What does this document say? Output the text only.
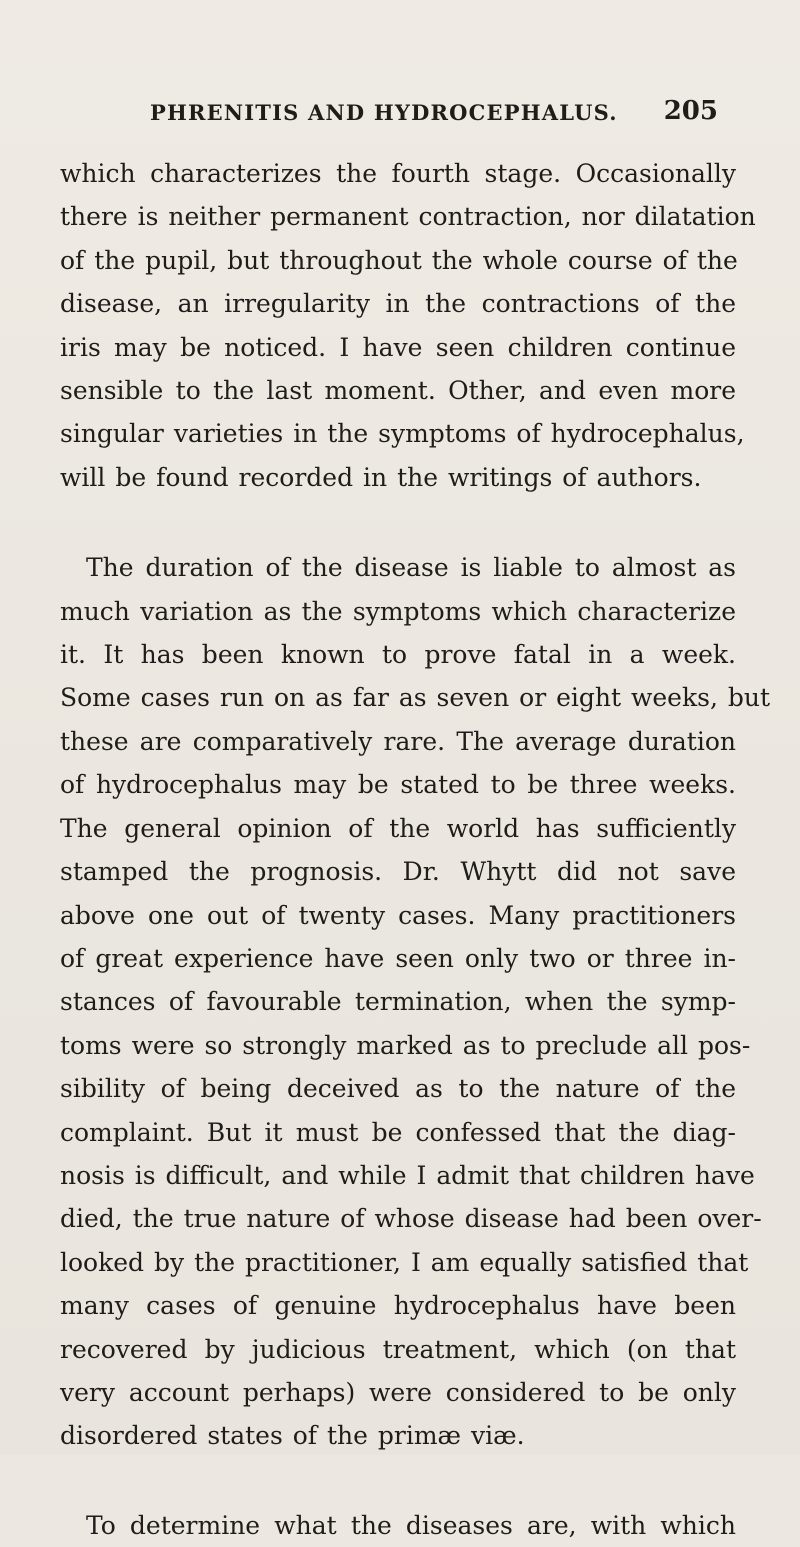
PHRENITIS AND HYDROCEPHALUS. 205

which characterizes the fourth stage. Occasionally
there is neither permanent contraction, nor dilatation
of the pupil, but throughout the whole course of the
disease, an irregularity in the contractions of the
iris may be noticed. I have seen children continue
sensible to the last moment. Other, and even more
singular varieties in the symptoms of hydrocephalus,
will be found recorded in the writings of authors.

The duration of the disease is liable to almost as
much variation as the symptoms which characterize
it. It has been known to prove fatal in a week.
Some cases run on as far as seven or eight weeks, but
these are comparatively rare. The average duration
of hydrocephalus may be stated to be three weeks.
The general opinion of the world has sufficiently
stamped the prognosis. Dr. Whytt did not save
above one out of twenty cases. Many practitioners
of great experience have seen only two or three in-
stances of favourable termination, when the symp-
toms were so strongly marked as to preclude all pos-
sibility of being deceived as to the nature of the
complaint. But it must be confessed that the diag-
nosis is difficult, and while I admit that children have
died, the true nature of whose disease had been over-
looked by the practitioner, I am equally satisfied that
many cases of genuine hydrocephalus have been
recovered by judicious treatment, which (on that
very account perhaps) were considered to be only
disordered states of the primæ viæ.

To determine what the diseases are, with which
